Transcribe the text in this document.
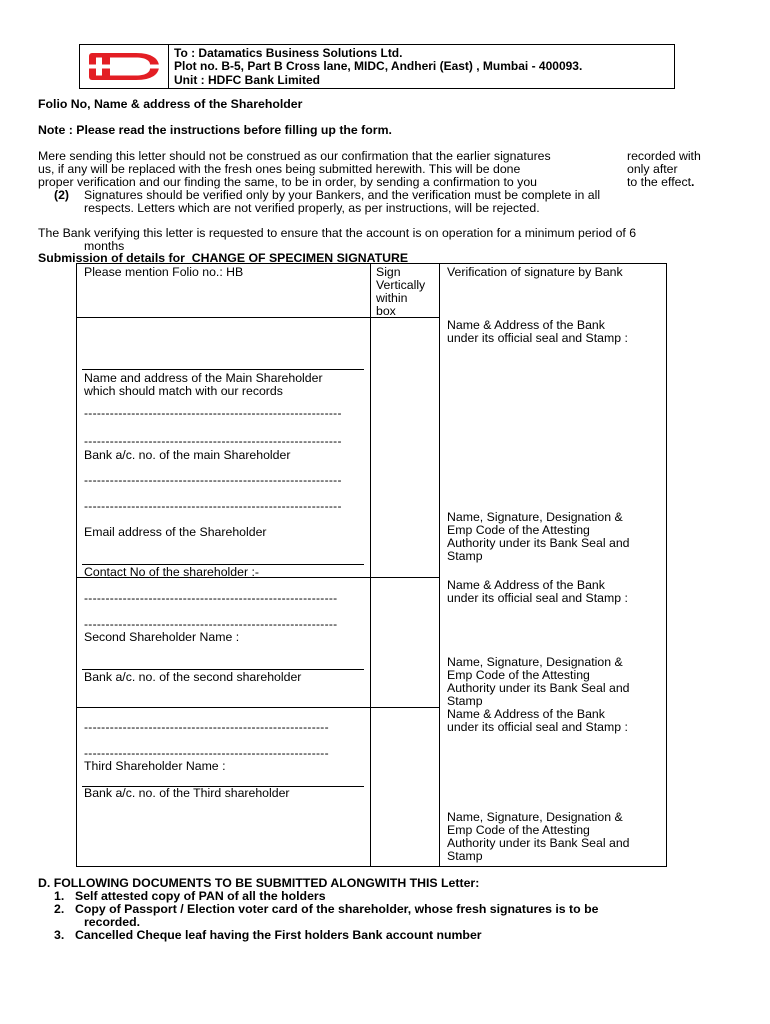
To : Datamatics Business Solutions Ltd.
Plot no. B-5, Part B Cross lane, MIDC, Andheri (East) , Mumbai - 400093.
Unit : HDFC Bank Limited
Folio No, Name & address of the Shareholder
Note : Please read the instructions before filling up the form.
Mere sending this letter should not be construed as our confirmation that the earlier signatures
us, if any will be replaced with the fresh ones being submitted herewith. This will be done
proper verification and our finding the same, to be in order, by sending a confirmation to you
recorded with
only after
to the effect.
(2) Signatures should be verified only by your Bankers, and the verification must be complete in all
respects. Letters which are not verified properly, as per instructions, will be rejected.
The Bank verifying this letter is requested to ensure that the account is on operation for a minimum period of 6
months
Submission of details for CHANGE OF SPECIMEN SIGNATURE
Please mention Folio no.: HB	Sign
Vertically
within
box
Verification of signature by Bank
Name and address of the Main Shareholder
which should match with our records
------------------------------------------------------------
------------------------------------------------------------
Bank a/c. no. of the main Shareholder
------------------------------------------------------------
------------------------------------------------------------
Email address of the Shareholder
Contact No of the shareholder :-
-----------------------------------------------------------
-----------------------------------------------------------
Second Shareholder Name :
Bank a/c. no. of the second shareholder
---------------------------------------------------------
---------------------------------------------------------
Third Shareholder Name :
Bank a/c. no. of the Third shareholder
Name & Address of the Bank
under its official seal and Stamp :
Name, Signature, Designation &
Emp Code of the Attesting
Authority under its Bank Seal and
Stamp
Name & Address of the Bank
under its official seal and Stamp :
Name, Signature, Designation &
Emp Code of the Attesting
Authority under its Bank Seal and
Stamp
Name & Address of the Bank
under its official seal and Stamp :
Name, Signature, Designation &
Emp Code of the Attesting
Authority under its Bank Seal and
Stamp
D. FOLLOWING DOCUMENTS TO BE SUBMITTED ALONGWITH THIS Letter:
1. Self attested copy of PAN of all the holders
2. Copy of Passport / Election voter card of the shareholder, whose fresh signatures is to be
recorded.
3. Cancelled Cheque leaf having the First holders Bank account number
